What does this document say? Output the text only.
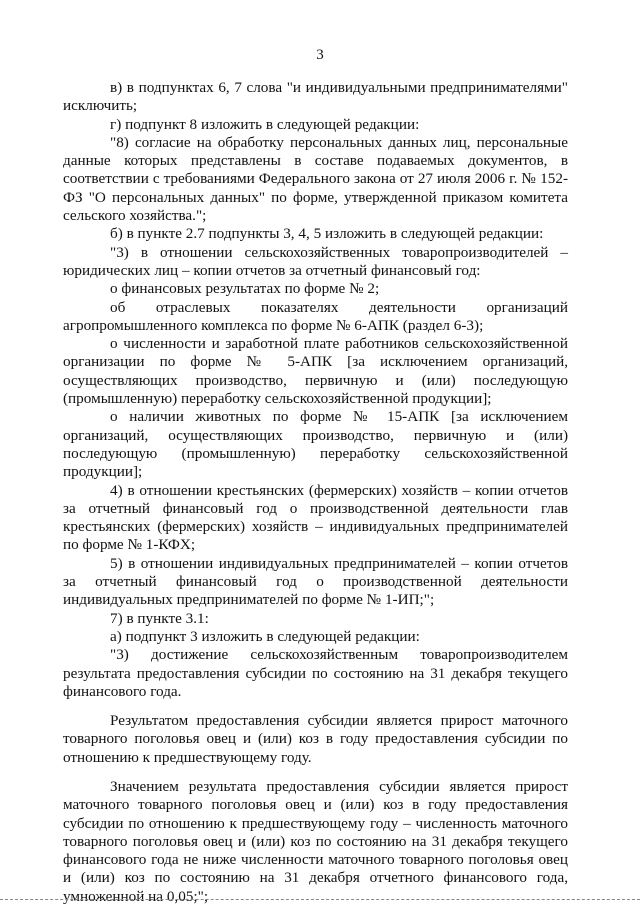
3

в) в подпунктах 6, 7 слова "и индивидуальными предпринимателями" исключить;

г) подпункт 8 изложить в следующей редакции:

"8) согласие на обработку персональных данных лиц, персональные данные которых представлены в составе подаваемых документов, в соответствии с требованиями Федерального закона от 27 июля 2006 г. № 152-ФЗ "О персональных данных" по форме, утвержденной приказом комитета сельского хозяйства.";

б) в пункте 2.7 подпункты 3, 4, 5 изложить в следующей редакции:

"3) в отношении сельскохозяйственных товаропроизводителей – юридических лиц – копии отчетов за отчетный финансовый год:

о финансовых результатах по форме № 2;

об отраслевых показателях деятельности организаций агропромышленного комплекса по форме № 6-АПК (раздел 6-3);

о численности и заработной плате работников сельскохозяйственной организации по форме № 5-АПК [за исключением организаций, осуществляющих производство, первичную и (или) последующую (промышленную) переработку сельскохозяйственной продукции];

о наличии животных по форме № 15-АПК [за исключением организаций, осуществляющих производство, первичную и (или) последующую (промышленную) переработку сельскохозяйственной продукции];

4) в отношении крестьянских (фермерских) хозяйств – копии отчетов за отчетный финансовый год о производственной деятельности глав крестьянских (фермерских) хозяйств – индивидуальных предпринимателей по форме № 1-КФХ;

5) в отношении индивидуальных предпринимателей – копии отчетов за отчетный финансовый год о производственной деятельности индивидуальных предпринимателей по форме № 1-ИП;";

7) в пункте 3.1:

а) подпункт 3 изложить в следующей редакции:

"3) достижение сельскохозяйственным товаропроизводителем результата предоставления субсидии по состоянию на 31 декабря текущего финансового года.

Результатом предоставления субсидии является прирост маточного товарного поголовья овец и (или) коз в году предоставления субсидии по отношению к предшествующему году.

Значением результата предоставления субсидии является прирост маточного товарного поголовья овец и (или) коз в году предоставления субсидии по отношению к предшествующему году – численность маточного товарного поголовья овец и (или) коз по состоянию на 31 декабря текущего финансового года не ниже численности маточного товарного поголовья овец и (или) коз по состоянию на 31 декабря отчетного финансового года, умноженной на 0,05;";
